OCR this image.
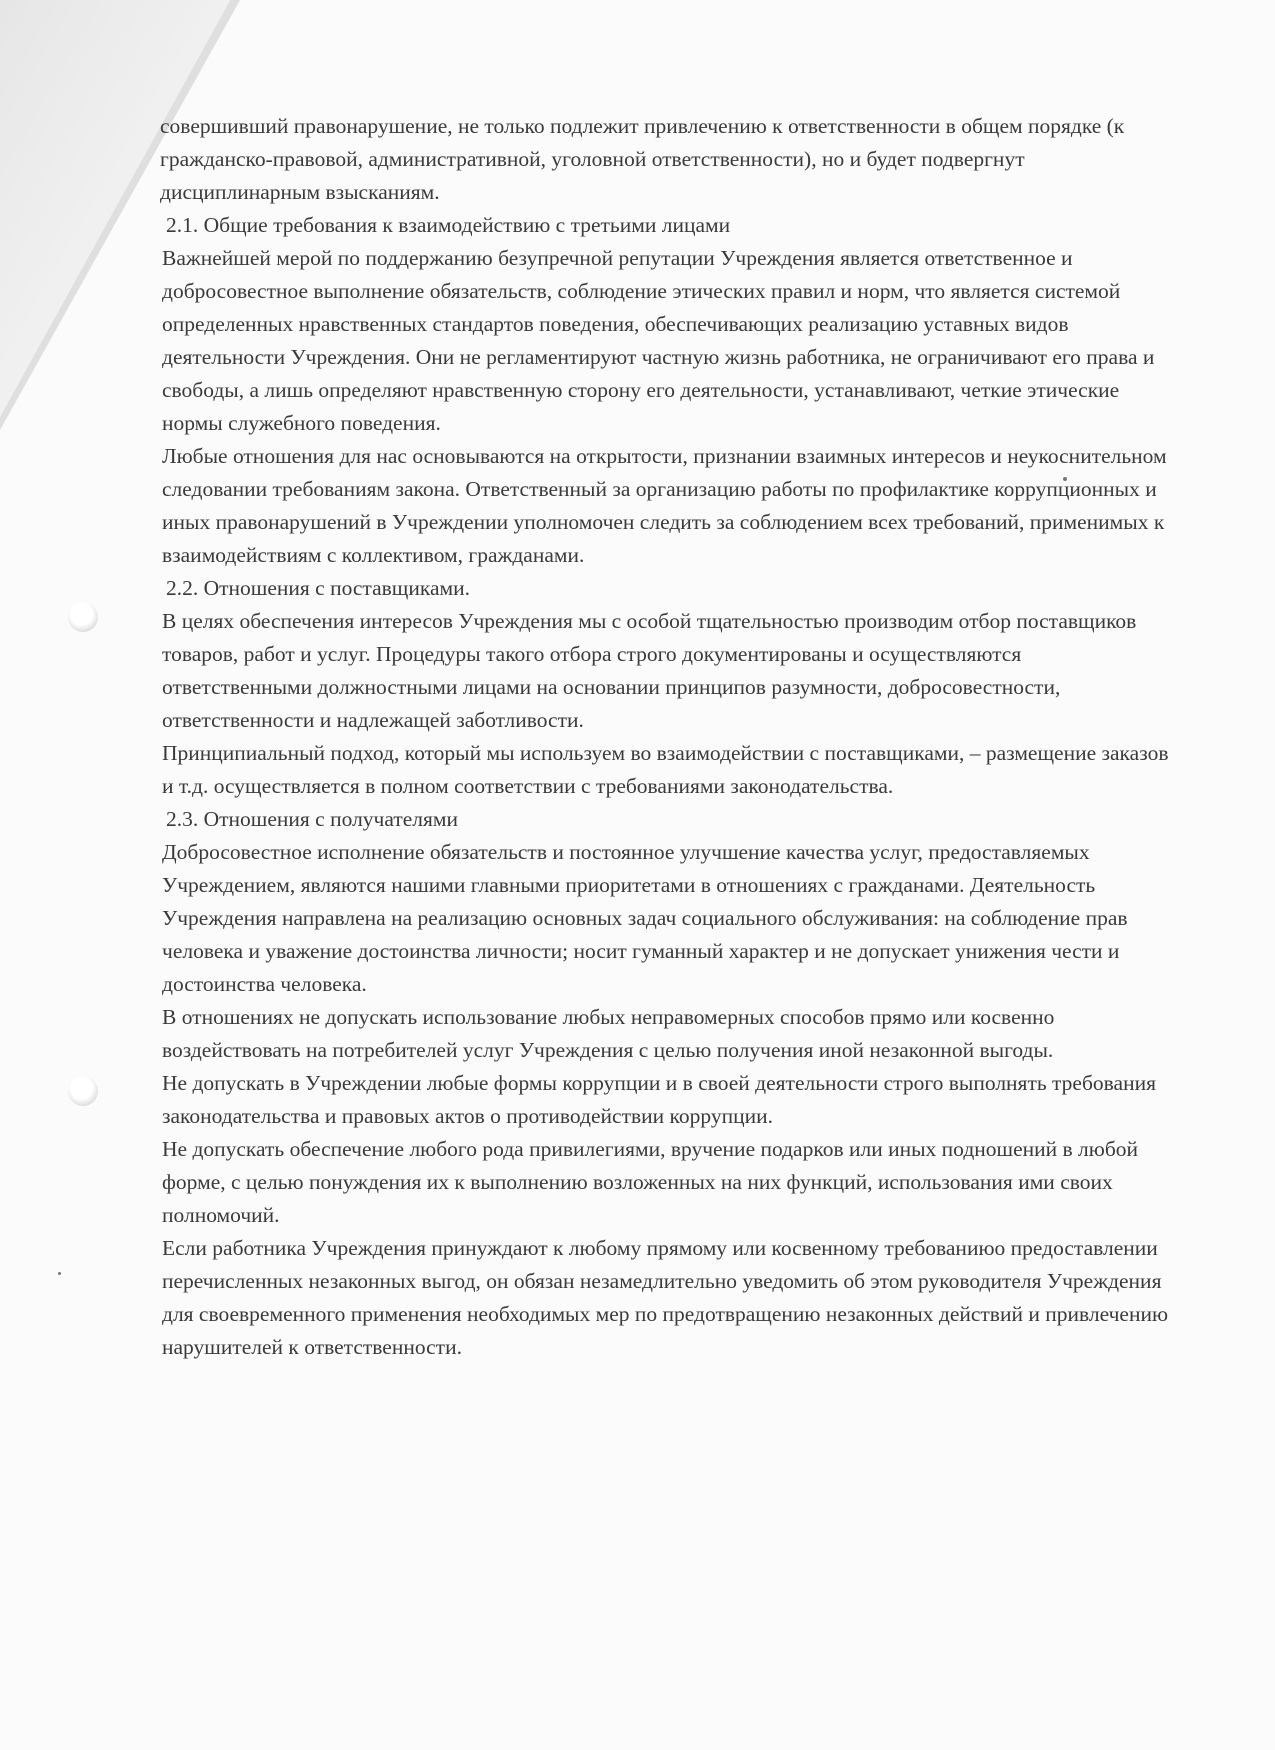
совершивший правонарушение, не только подлежит привлечению к ответственности в общем порядке (к гражданско-правовой, административной, уголовной ответственности), но и будет подвергнут дисциплинарным взысканиям.

2.1. Общие требования к взаимодействию с третьими лицами

Важнейшей мерой по поддержанию безупречной репутации Учреждения является ответственное и добросовестное выполнение обязательств, соблюдение этических правил и норм, что является системой определенных нравственных стандартов поведения, обеспечивающих реализацию уставных видов деятельности Учреждения. Они не регламентируют частную жизнь работника, не ограничивают его права и свободы, а лишь определяют нравственную сторону его деятельности, устанавливают, четкие этические нормы служебного поведения.

Любые отношения для нас основываются на открытости, признании взаимных интересов и неукоснительном следовании требованиям закона. Ответственный за организацию работы по профилактике коррупционных и иных правонарушений в Учреждении уполномочен следить за соблюдением всех требований, применимых к взаимодействиям с коллективом, гражданами.

2.2. Отношения с поставщиками.

В целях обеспечения интересов Учреждения мы с особой тщательностью производим отбор поставщиков товаров, работ и услуг. Процедуры такого отбора строго документированы и осуществляются ответственными должностными лицами на основании принципов разумности, добросовестности, ответственности и надлежащей заботливости.

Принципиальный подход, который мы используем во взаимодействии с поставщиками, – размещение заказов и т.д. осуществляется в полном соответствии с требованиями законодательства.

2.3. Отношения с получателями

Добросовестное исполнение обязательств и постоянное улучшение качества услуг, предоставляемых Учреждением, являются нашими главными приоритетами в отношениях с гражданами. Деятельность Учреждения направлена на реализацию основных задач социального обслуживания: на соблюдение прав человека и уважение достоинства личности; носит гуманный характер и не допускает унижения чести и достоинства человека.

В отношениях не допускать использование любых неправомерных способов прямо или косвенно воздействовать на потребителей услуг Учреждения с целью получения иной незаконной выгоды.

Не допускать в Учреждении любые формы коррупции и в своей деятельности строго выполнять требования законодательства и правовых актов о противодействии коррупции.

Не допускать обеспечение любого рода привилегиями, вручение подарков или иных подношений в любой форме, с целью понуждения их к выполнению возложенных на них функций, использования ими своих полномочий.

Если работника Учреждения принуждают к любому прямому или косвенному требованиюо предоставлении перечисленных незаконных выгод, он обязан незамедлительно уведомить об этом руководителя Учреждения для своевременного применения необходимых мер по предотвращению незаконных действий и привлечению нарушителей к ответственности.
